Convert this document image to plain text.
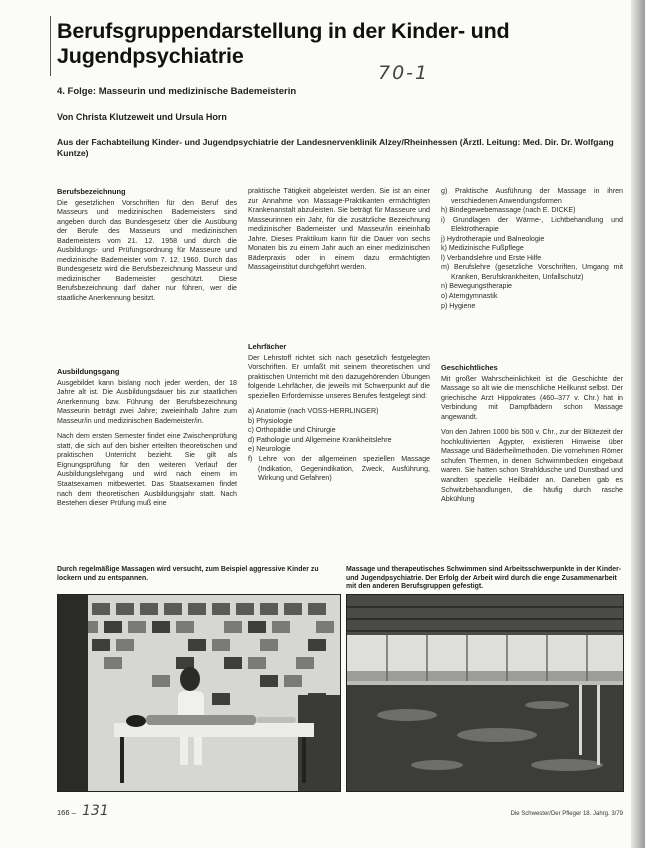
Berufsgruppendarstellung in der Kinder- und Jugendpsychiatrie
70-1
4. Folge: Masseurin und medizinische Bademeisterin
Von Christa Klutzeweit und Ursula Horn
Aus der Fachabteilung Kinder- und Jugendpsychiatrie der Landesnervenklinik Alzey/Rheinhessen (Ärztl. Leitung: Med. Dir. Dr. Wolfgang Kuntze)
Berufsbezeichnung

Die gesetzlichen Vorschriften für den Beruf des Masseurs und medizinischen Bademeisters sind angeben durch das Bundesgesetz über die Ausübung der Berufe des Masseurs und medizinischen Bademeisters vom 21. 12. 1958 und durch die Ausbildungs- und Prüfungsordnung für Masseure und medizinische Bademeister vom 7. 12. 1960. Durch das Bundesgesetz wird die Berufsbezeichnung Masseur und medizinischer Bademeister geschützt. Diese Berufsbezeichnung darf daher nur führen, wer die staatliche Anerkennung besitzt.

Ausbildungsgang

Ausgebildet kann bislang noch jeder werden, der 18 Jahre alt ist. Die Ausbildungsdauer bis zur staatlichen Anerkennung bzw. Führung der Berufsbezeichnung Masseurin beträgt zwei Jahre; zweieinhalb Jahre zum Masseur/in und medizinischen Bademeister/in.

Nach dem ersten Semester findet eine Zwischenprüfung statt, die sich auf den bisher erteilten theoretischen und praktischen Unterricht bezieht. Sie gilt als Eignungsprüfung für den weiteren Verlauf der Ausbildungslehrgang und wird nach einem im Staatsexamen mitbewertet. Das Staatsexamen findet nach dem theoretischen Ausbildungsjahr statt. Nach Bestehen dieser Prüfung muß eine

praktische Tätigkeit abgeleistet werden. Sie ist an einer zur Annahme von Massage-Praktikanten ermächtigten Krankenanstalt abzuleisten. Sie beträgt für Masseure und Masseurinnen ein Jahr, für die zusätzliche Bezeichnung medizinischer Bademeister und Masseur/in eineinhalb Jahre. Dieses Praktikum kann für die Dauer von sechs Monaten bis zu einem Jahr auch an einer medizinischen Bäderpraxis oder in einem dazu ermächtigten Massageinstitut durchgeführt werden.

Lehrfächer

Der Lehrstoff richtet sich nach gesetzlich festgelegten Vorschriften. Er umfaßt mit seinem theoretischen und praktischen Unterricht mit den dazugehörenden Übungen folgende Lehrfächer, die jeweils mit Schwerpunkt auf die speziellen Erfordernisse unseres Berufes festgelegt sind:

a) Anatomie (nach VOSS-HERRLINGER)
b) Physiologie
c) Orthopädie und Chirurgie
d) Pathologie und Allgemeine Krankheitslehre
e) Neurologie
f) Lehre von der allgemeinen speziellen Massage (Indikation, Gegenindikation, Zweck, Ausführung, Wirkung und Gefahren)
g) Praktische Ausführung der Massage in ihren verschiedenen Anwendungsformen
h) Bindegewebemassage (nach E. DICKE)
i) Grundlagen der Wärme-, Lichtbehandlung und Elektrotherapie
j) Hydrotherapie und Balneologie
k) Medizinische Fußpflege
l) Verbandslehre und Erste Hilfe
m) Berufslehre (gesetzliche Vorschriften, Umgang mit Kranken, Berufskrankheiten, Unfallschutz)
n) Bewegungstherapie
o) Atemgymnastik
p) Hygiene
Geschichtliches

Mit großer Wahrscheinlichkeit ist die Geschichte der Massage so alt wie die menschliche Heilkunst selbst. Der griechische Arzt Hippokrates (460–377 v. Chr.) hat in Verbindung mit Dampfbädern schon Massage angewandt.

Von den Jahren 1000 bis 500 v. Chr., zur der Blütezeit der hochkultivierten Ägypter, existieren Hinweise über Massage und Bäderheilmethoden. Die vornehmen Römer schufen Thermen, in denen Schwimmbecken eingebaut waren. Sie hatten schon Strahldusche und Dunstbad und wandten spezielle Heilbäder an. Daneben gab es Schwitzbehandlungen, die häufig durch rasche Abkühlung

Durch regelmäßige Massagen wird versucht, zum Beispiel aggressive Kinder zu lockern und zu entspannen.
Massage und therapeutisches Schwimmen sind Arbeitsschwerpunkte in der Kinder- und Jugendpsychiatrie. Der Erfolg der Arbeit wird durch die enge Zusammenarbeit mit den anderen Berufsgruppen gefestigt.
166 – 131	Die Schwester/Der Pfleger 18. Jahrg. 3/79
